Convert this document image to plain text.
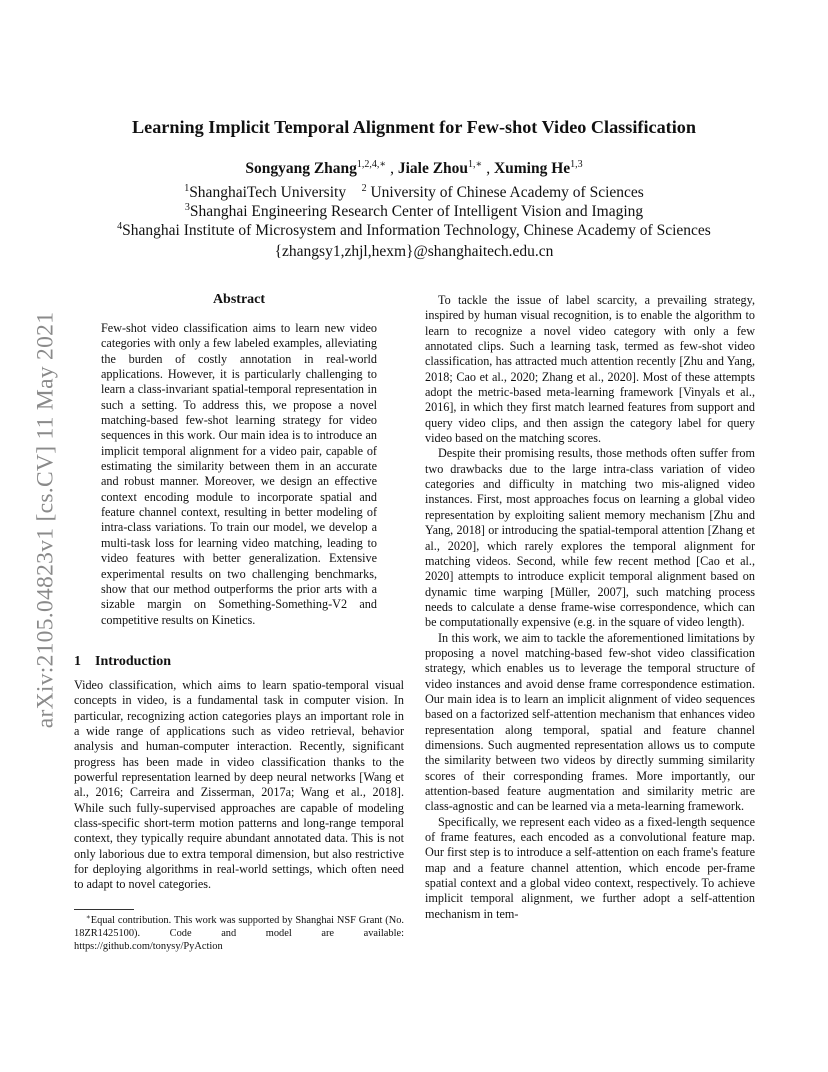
arXiv:2105.04823v1 [cs.CV] 11 May 2021
Learning Implicit Temporal Alignment for Few-shot Video Classification
Songyang Zhang$^{1,2,4,∗}$ , Jiale Zhou$^{1,∗}$ , Xuming He$^{1,3}$
$^1$ShanghaiTech University $^2$ University of Chinese Academy of Sciences
$^3$Shanghai Engineering Research Center of Intelligent Vision and Imaging
$^4$Shanghai Institute of Microsystem and Information Technology, Chinese Academy of Sciences
{zhangsy1,zhjl,hexm}@shanghaitech.edu.cn
Abstract

Few-shot video classification aims to learn new video categories with only a few labeled examples, alleviating the burden of costly annotation in real-world applications. However, it is particularly challenging to learn a class-invariant spatial-temporal representation in such a setting. To address this, we propose a novel matching-based few-shot learning strategy for video sequences in this work. Our main idea is to introduce an implicit temporal alignment for a video pair, capable of estimating the similarity between them in an accurate and robust manner. Moreover, we design an effective context encoding module to incorporate spatial and feature channel context, resulting in better modeling of intra-class variations. To train our model, we develop a multi-task loss for learning video matching, leading to video features with better generalization. Extensive experimental results on two challenging benchmarks, show that our method outperforms the prior arts with a sizable margin on Something-Something-V2 and competitive results on Kinetics.

1 Introduction

Video classification, which aims to learn spatio-temporal visual concepts in video, is a fundamental task in computer vision. In particular, recognizing action categories plays an important role in a wide range of applications such as video retrieval, behavior analysis and human-computer interaction. Recently, significant progress has been made in video classification thanks to the powerful representation learned by deep neural networks [Wang et al., 2016; Carreira and Zisserman, 2017a; Wang et al., 2018]. While such fully-supervised approaches are capable of modeling class-specific short-term motion patterns and long-range temporal context, they typically require abundant annotated data. This is not only laborious due to extra temporal dimension, but also restrictive for deploying algorithms in real-world settings, which often need to adapt to novel categories.

∗Equal contribution. This work was supported by Shanghai NSF Grant (No. 18ZR1425100). Code and model are available: https://github.com/tonysy/PyAction

To tackle the issue of label scarcity, a prevailing strategy, inspired by human visual recognition, is to enable the algorithm to learn to recognize a novel video category with only a few annotated clips. Such a learning task, termed as few-shot video classification, has attracted much attention recently [Zhu and Yang, 2018; Cao et al., 2020; Zhang et al., 2020]. Most of these attempts adopt the metric-based meta-learning framework [Vinyals et al., 2016], in which they first match learned features from support and query video clips, and then assign the category label for query video based on the matching scores.

Despite their promising results, those methods often suffer from two drawbacks due to the large intra-class variation of video categories and difficulty in matching two mis-aligned video instances. First, most approaches focus on learning a global video representation by exploiting salient memory mechanism [Zhu and Yang, 2018] or introducing the spatial-temporal attention [Zhang et al., 2020], which rarely explores the temporal alignment for matching videos. Second, while few recent method [Cao et al., 2020] attempts to introduce explicit temporal alignment based on dynamic time warping [Müller, 2007], such matching process needs to calculate a dense frame-wise correspondence, which can be computationally expensive (e.g. in the square of video length).

In this work, we aim to tackle the aforementioned limitations by proposing a novel matching-based few-shot video classification strategy, which enables us to leverage the temporal structure of video instances and avoid dense frame correspondence estimation. Our main idea is to learn an implicit alignment of video sequences based on a factorized self-attention mechanism that enhances video representation along temporal, spatial and feature channel dimensions. Such augmented representation allows us to compute the similarity between two videos by directly summing similarity scores of their corresponding frames. More importantly, our attention-based feature augmentation and similarity metric are class-agnostic and can be learned via a meta-learning framework.

Specifically, we represent each video as a fixed-length sequence of frame features, each encoded as a convolutional feature map. Our first step is to introduce a self-attention on each frame's feature map and a feature channel attention, which encode per-frame spatial context and a global video context, respectively. To achieve implicit temporal alignment, we further adopt a self-attention mechanism in tem-
